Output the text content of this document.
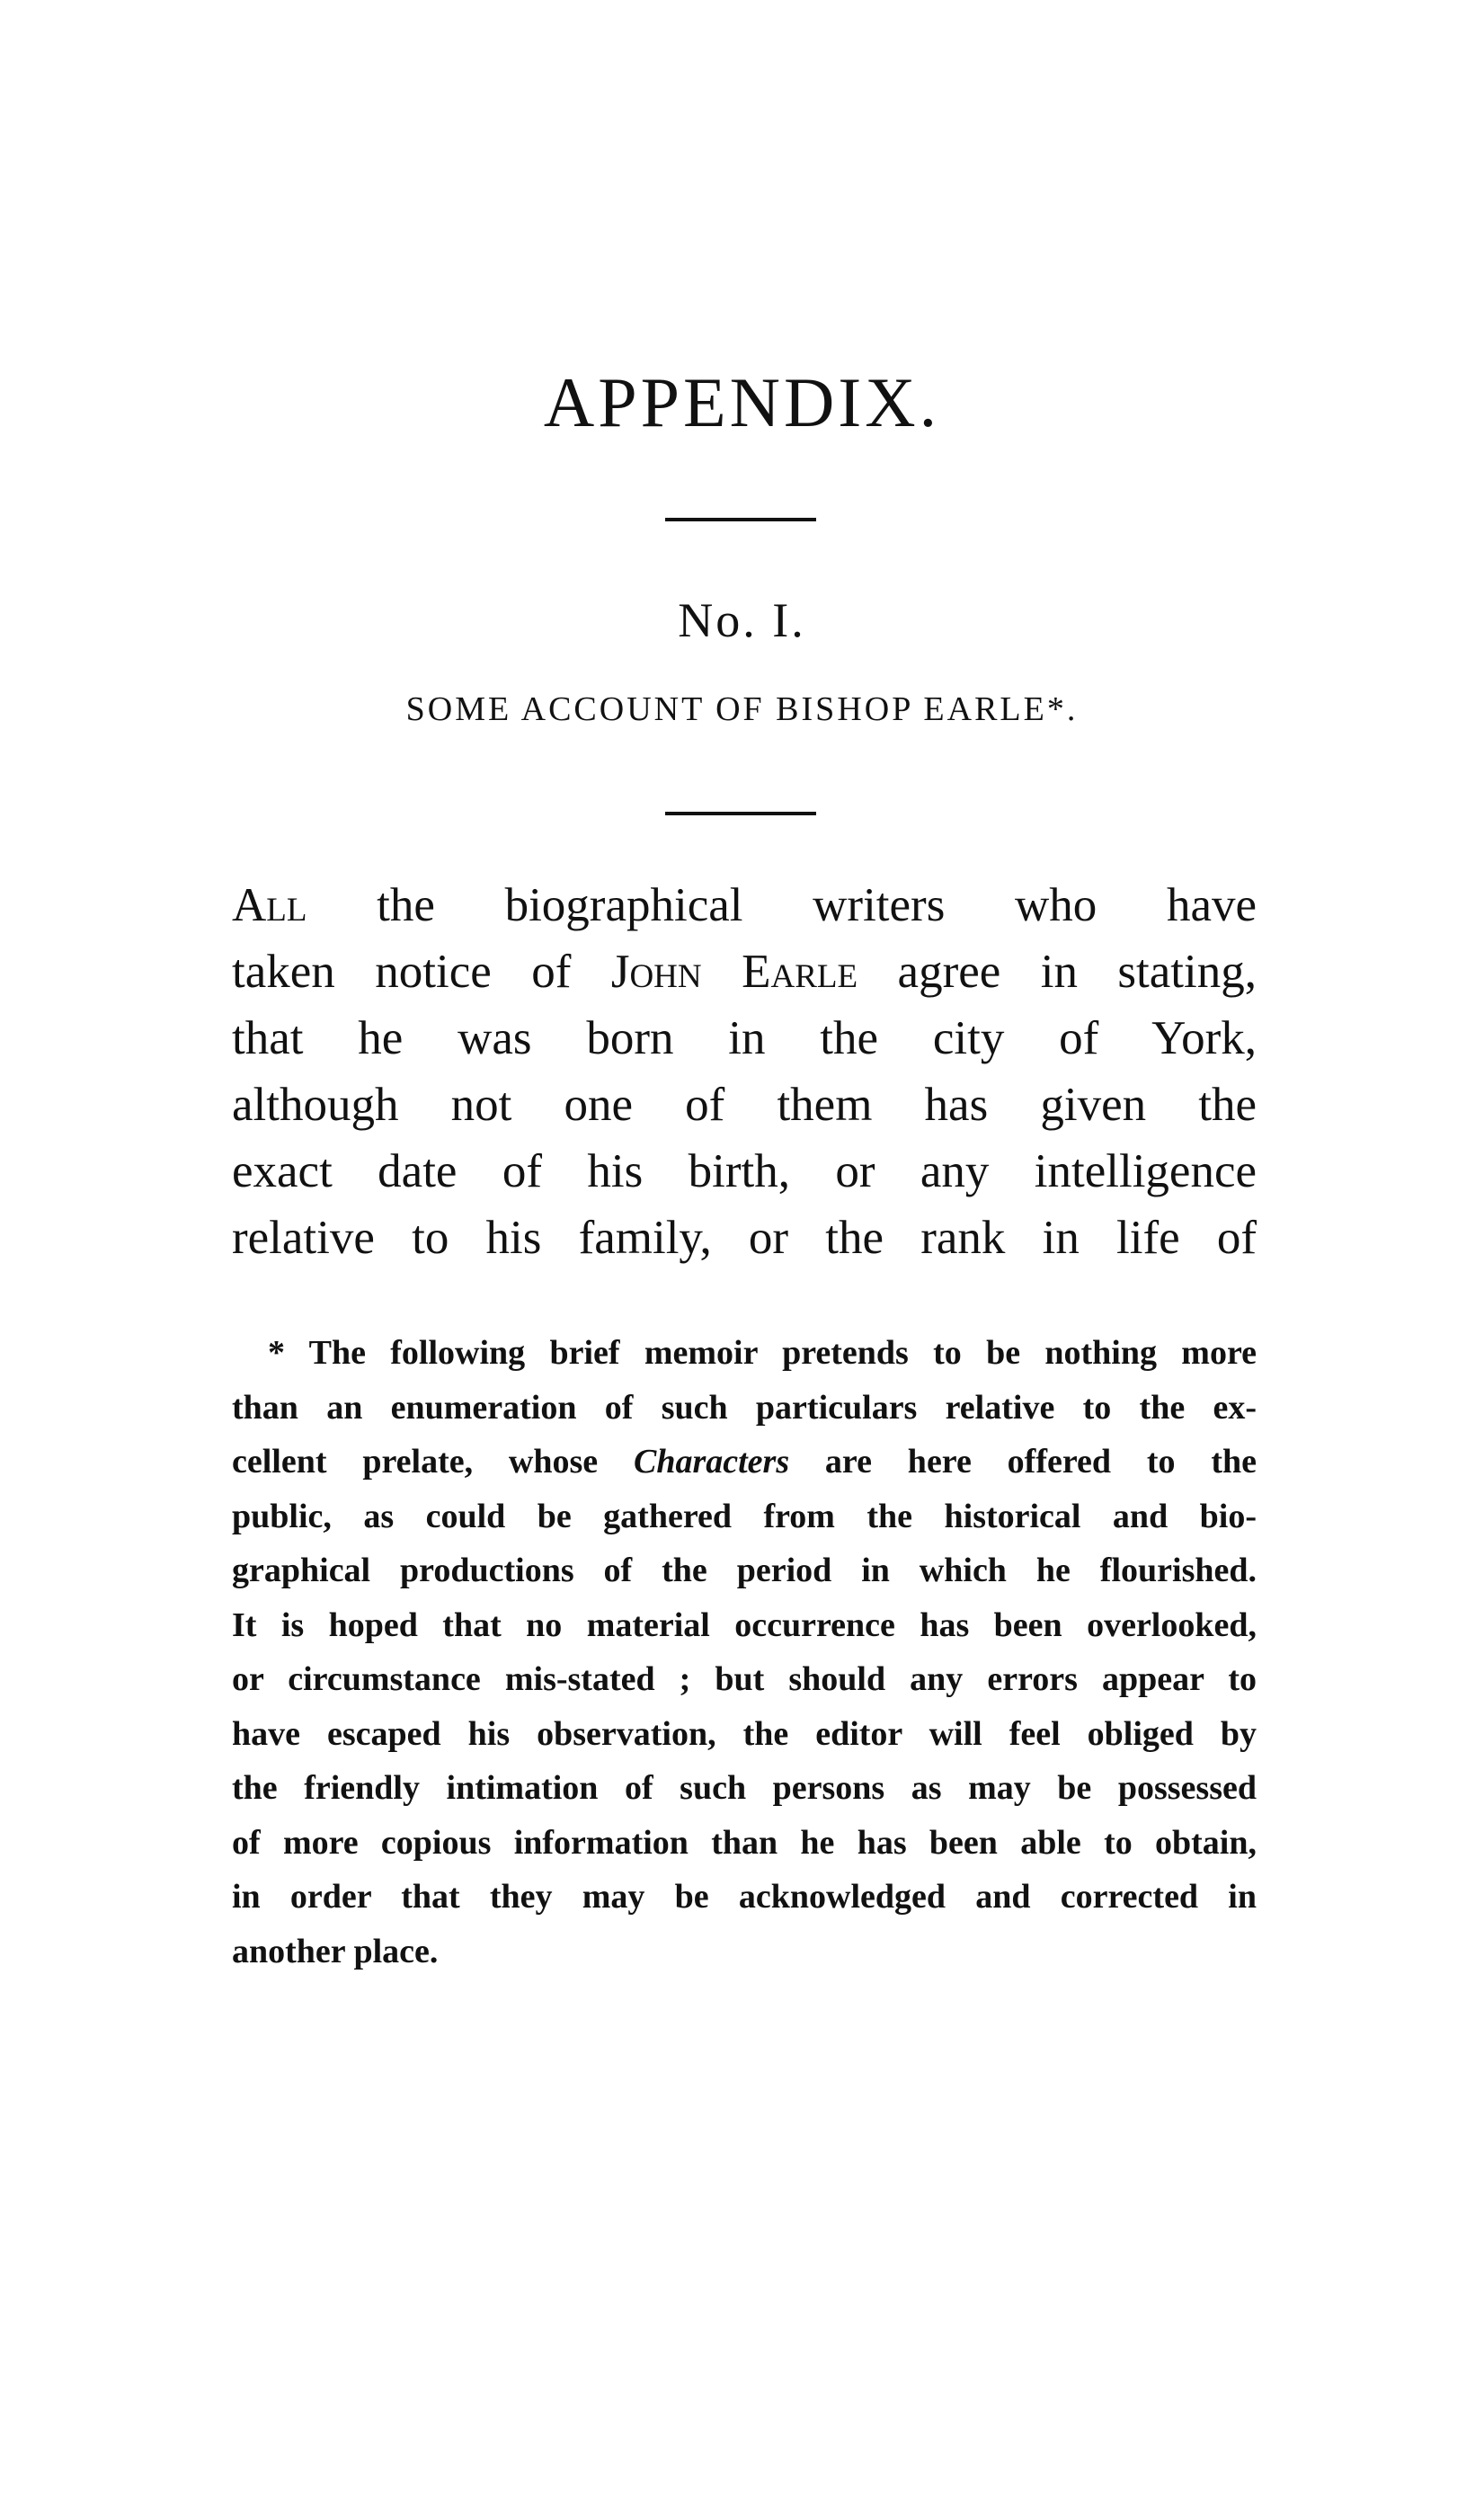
APPENDIX.
No. I.
SOME ACCOUNT OF BISHOP EARLE*.
All the biographical writers who have
taken notice of John Earle agree in stating,
that he was born in the city of York,
although not one of them has given the
exact date of his birth, or any intelligence
relative to his family, or the rank in life of
* The following brief memoir pretends to be nothing more
than an enumeration of such particulars relative to the ex-
cellent prelate, whose Characters are here offered to the
public, as could be gathered from the historical and bio-
graphical productions of the period in which he flourished.
It is hoped that no material occurrence has been overlooked,
or circumstance mis-stated ; but should any errors appear to
have escaped his observation, the editor will feel obliged by
the friendly intimation of such persons as may be possessed
of more copious information than he has been able to obtain,
in order that they may be acknowledged and corrected in
another place.
